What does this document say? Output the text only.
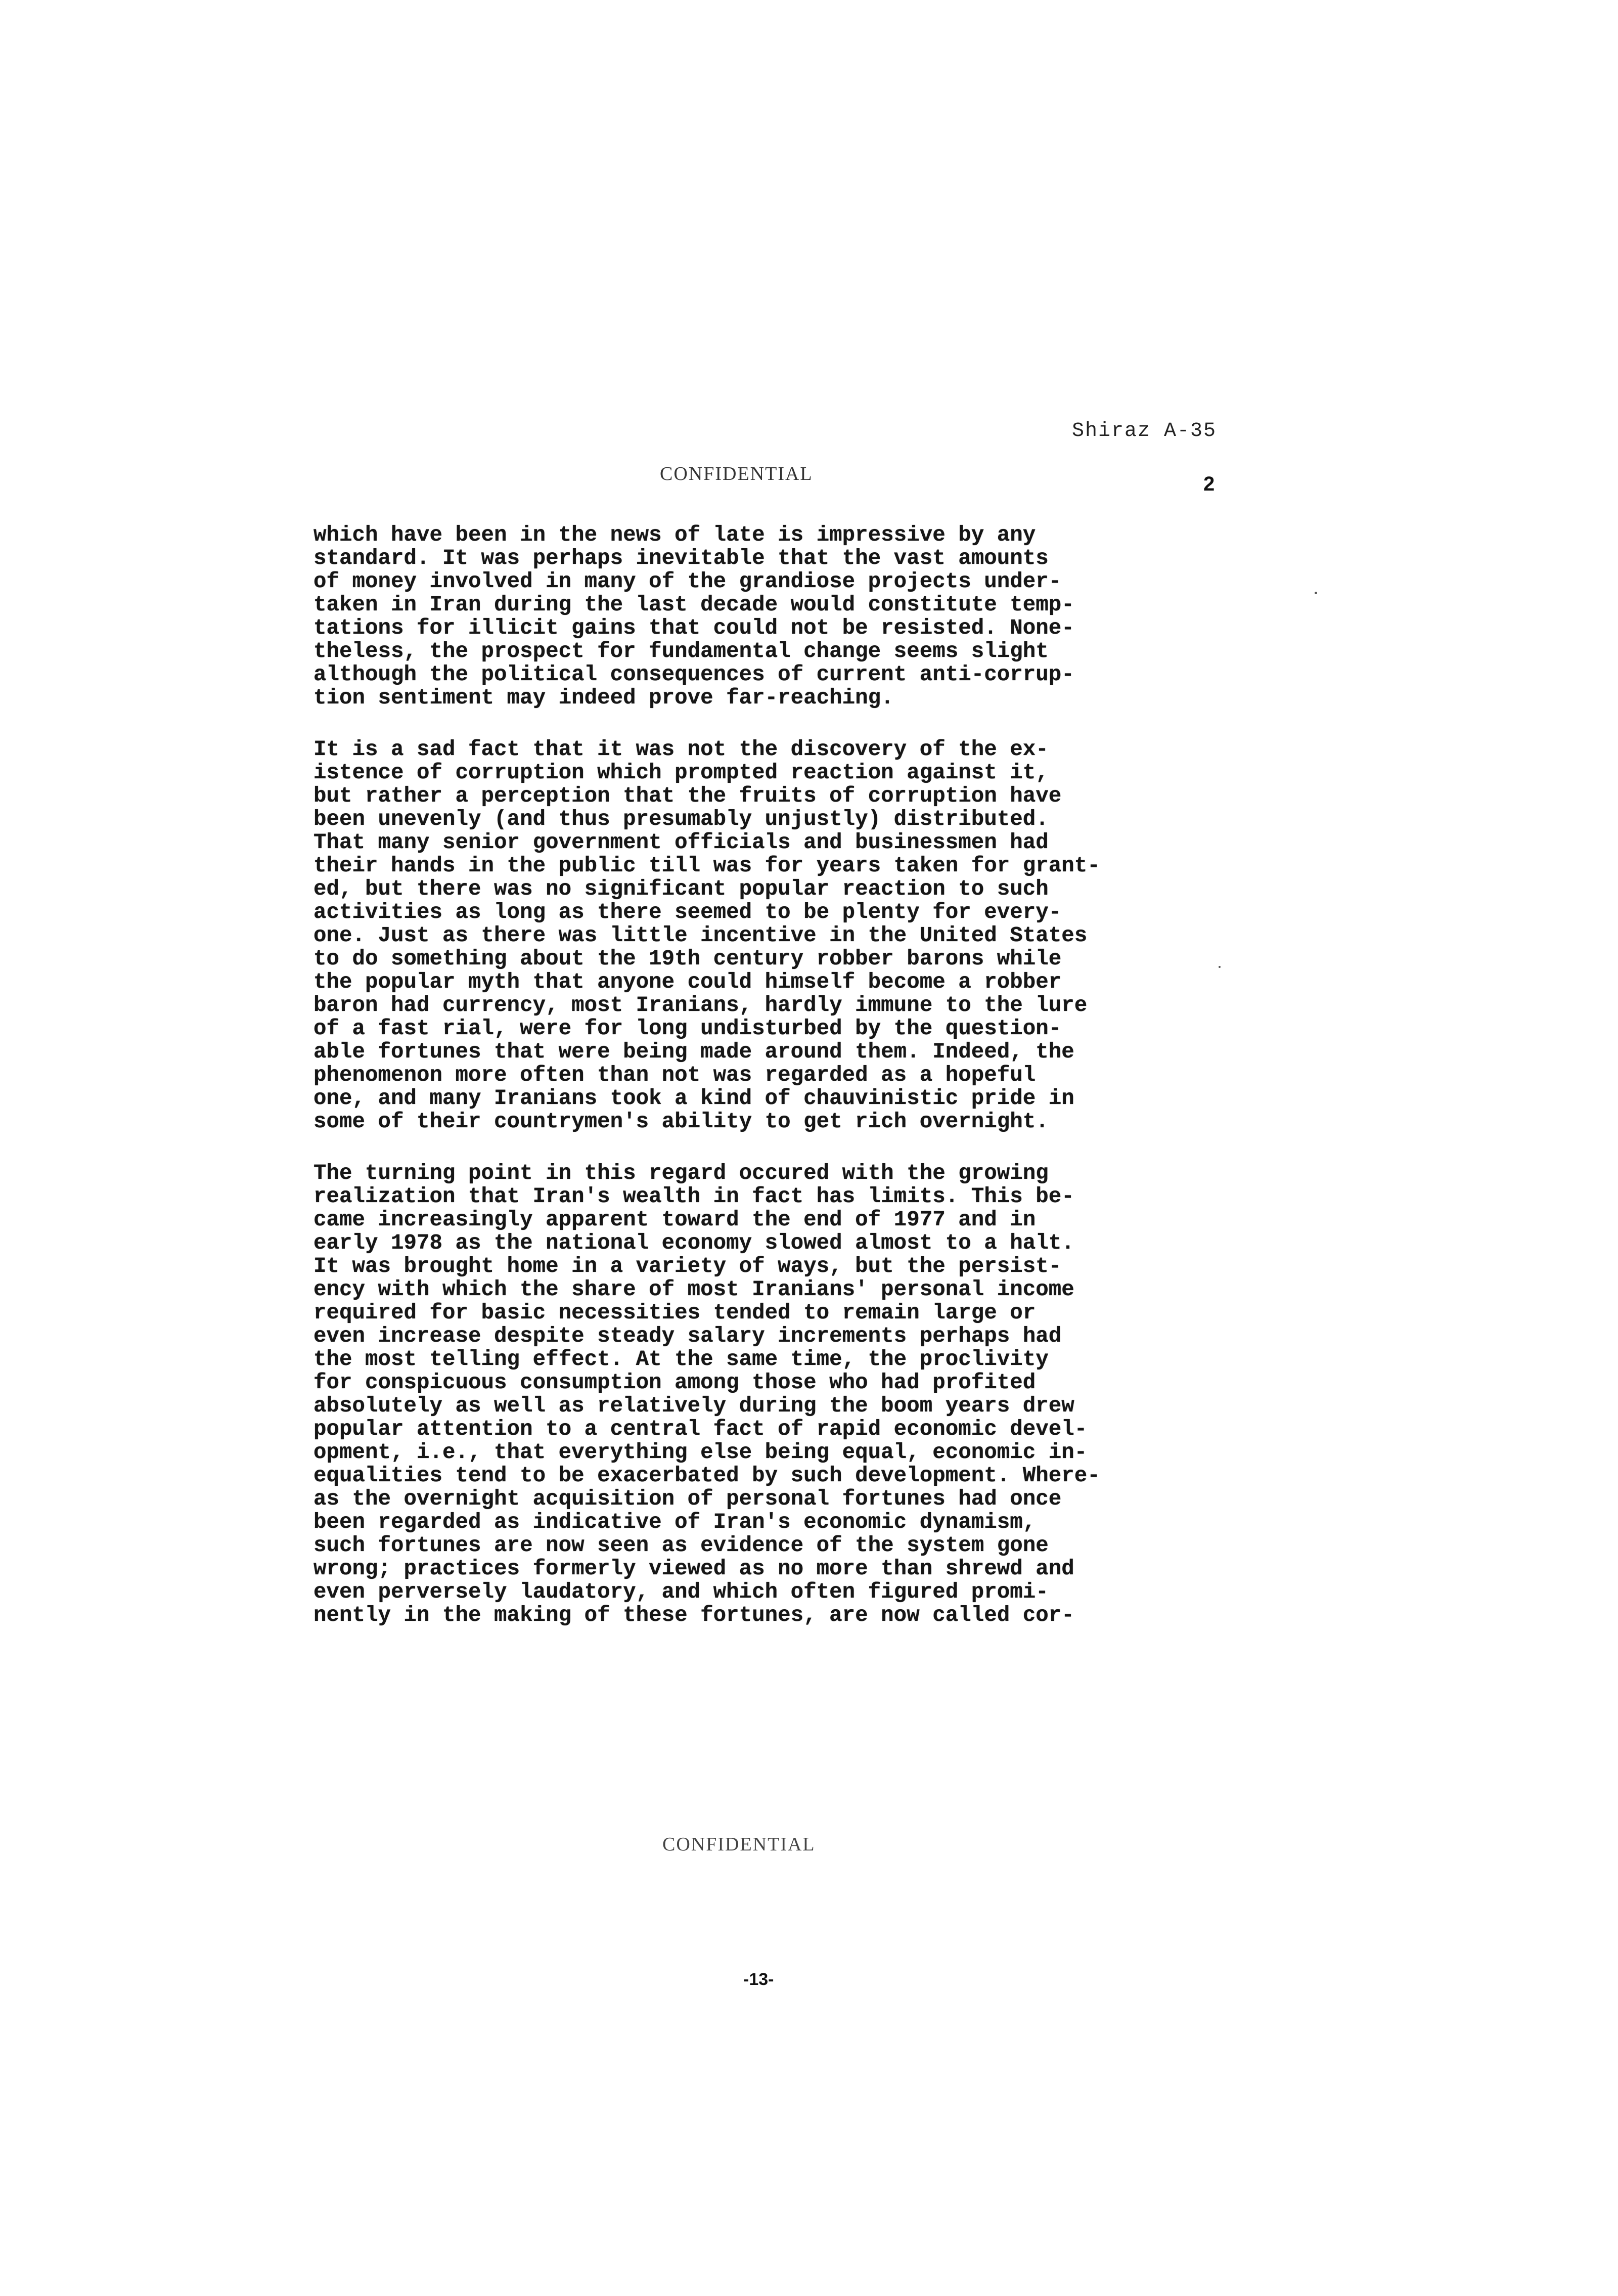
Shiraz A-35
CONFIDENTIAL	2
which have been in the news of late is impressive by any
standard. It was perhaps inevitable that the vast amounts
of money involved in many of the grandiose projects under-
taken in Iran during the last decade would constitute temp-
tations for illicit gains that could not be resisted. None-
theless, the prospect for fundamental change seems slight
although the political consequences of current anti-corrup-
tion sentiment may indeed prove far-reaching.
It is a sad fact that it was not the discovery of the ex-
istence of corruption which prompted reaction against it,
but rather a perception that the fruits of corruption have
been unevenly (and thus presumably unjustly) distributed.
That many senior government officials and businessmen had
their hands in the public till was for years taken for grant-
ed, but there was no significant popular reaction to such
activities as long as there seemed to be plenty for every-
one. Just as there was little incentive in the United States
to do something about the 19th century robber barons while
the popular myth that anyone could himself become a robber
baron had currency, most Iranians, hardly immune to the lure
of a fast rial, were for long undisturbed by the question-
able fortunes that were being made around them. Indeed, the
phenomenon more often than not was regarded as a hopeful
one, and many Iranians took a kind of chauvinistic pride in
some of their countrymen's ability to get rich overnight.
The turning point in this regard occured with the growing
realization that Iran's wealth in fact has limits. This be-
came increasingly apparent toward the end of 1977 and in
early 1978 as the national economy slowed almost to a halt.
It was brought home in a variety of ways, but the persist-
ency with which the share of most Iranians' personal income
required for basic necessities tended to remain large or
even increase despite steady salary increments perhaps had
the most telling effect. At the same time, the proclivity
for conspicuous consumption among those who had profited
absolutely as well as relatively during the boom years drew
popular attention to a central fact of rapid economic devel-
opment, i.e., that everything else being equal, economic in-
equalities tend to be exacerbated by such development. Where-
as the overnight acquisition of personal fortunes had once
been regarded as indicative of Iran's economic dynamism,
such fortunes are now seen as evidence of the system gone
wrong; practices formerly viewed as no more than shrewd and
even perversely laudatory, and which often figured promi-
nently in the making of these fortunes, are now called cor-
CONFIDENTIAL
-13-
